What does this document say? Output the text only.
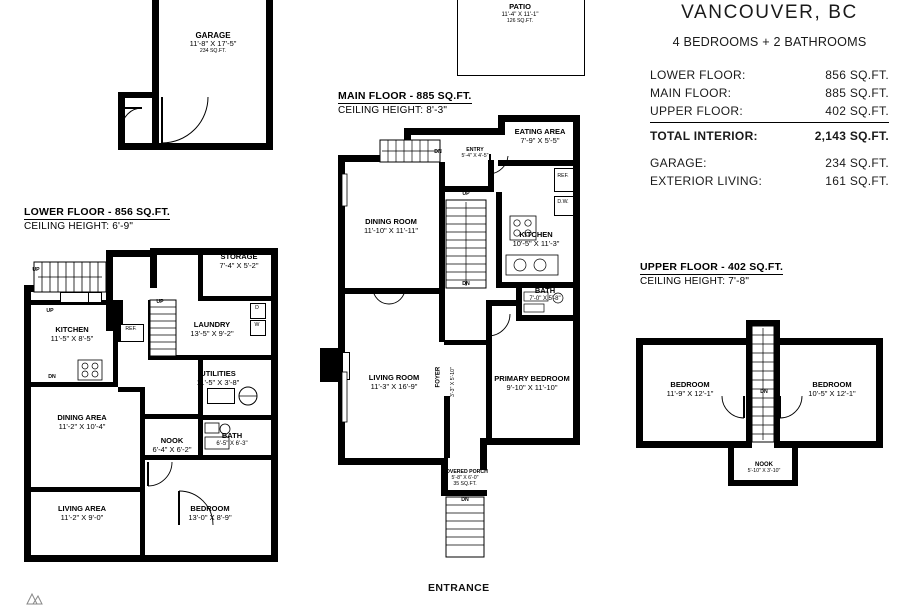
VANCOUVER, BC
4 BEDROOMS + 2 BATHROOMS
LOWER FLOOR:	856 SQ.FT.
MAIN FLOOR:	885 SQ.FT.
UPPER FLOOR:	402 SQ.FT.
TOTAL INTERIOR:	2,143 SQ.FT.
GARAGE:	234 SQ.FT.
EXTERIOR LIVING:	161 SQ.FT.
GARAGE
11'-8" X 17'-5"
234 SQ.FT.
PATIO
11'-4" X 11'-1"
126 SQ.FT.
LOWER FLOOR - 856 SQ.FT.
CEILING HEIGHT: 6'-9"
REF.
D
W
UP
UP
DN
UP
STORAGE
7'-4" X 5'-2"
KITCHEN
11'-5" X 8'-5"
LAUNDRY
13'-5" X 9'-2"
UTILITIES
11'-5" X 3'-8"
DINING AREA
11'-2" X 10'-4"
NOOK
6'-4" X 6'-2"
BATH
6'-5" X 6'-3"
LIVING AREA
11'-2" X 9'-0"
BEDROOM
13'-0" X 8'-9"
MAIN FLOOR - 885 SQ.FT.
CEILING HEIGHT: 8'-3"
DN
UP
DN
DN
REF.
D.W.
EATING AREA
7'-9" X 5'-5"
DINING ROOM
11'-10" X 11'-11"	KITCHEN
10'-5" X 11'-3"
BATH
7'-0" X 5'-8"
LIVING ROOM
11'-3" X 16'-9"
PRIMARY BEDROOM
9'-10" X 11'-10"
ENTRY
5'-4" X 4'-5"
FOYER 3'-3" X 5'-10"
COVERED PORCH
5'-8" X 6'-0"
35 SQ.FT.
ENTRANCE
UPPER FLOOR - 402 SQ.FT.
CEILING HEIGHT: 7'-8"
DN
BEDROOM
11'-9" X 12'-1"
BEDROOM
10'-5" X 12'-1"
NOOK
5'-10" X 3'-10"
